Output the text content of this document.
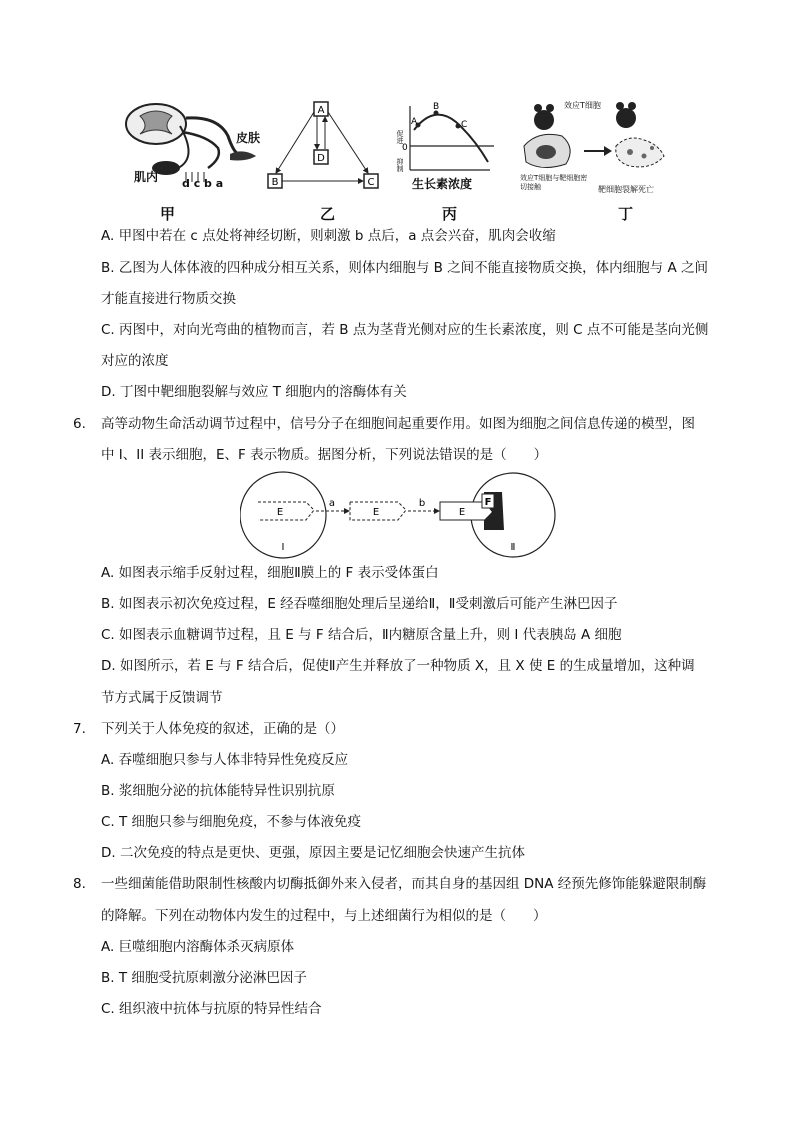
皮肤
肌内 d c b a
甲
A
D
B	C
乙
促进
抑制
0
A
B
C
生长素浓度
丙
效应T细胞
效应T细胞与靶细胞密切接触	靶细胞裂解死亡
丁
A. 甲图中若在 c 点处将神经切断，则刺激 b 点后，a 点会兴奋，肌肉会收缩
B. 乙图为人体体液的四种成分相互关系，则体内细胞与 B 之间不能直接物质交换，体内细胞与 A 之间
才能直接进行物质交换
C. 丙图中，对向光弯曲的植物而言，若 B 点为茎背光侧对应的生长素浓度，则 C 点不可能是茎向光侧
对应的浓度
D. 丁图中靶细胞裂解与效应 T 细胞内的溶酶体有关
6. 高等动物生命活动调节过程中，信号分子在细胞间起重要作用。如图为细胞之间信息传递的模型，图
中 I、II 表示细胞，E、F 表示物质。据图分析，下列说法错误的是（　　）
E	E	E
F
a	b
I	Ⅱ
A. 如图表示缩手反射过程，细胞Ⅱ膜上的 F 表示受体蛋白
B. 如图表示初次免疫过程，E 经吞噬细胞处理后呈递给Ⅱ，Ⅱ受刺激后可能产生淋巴因子
C. 如图表示血糖调节过程，且 E 与 F 结合后，Ⅱ内糖原含量上升，则 I 代表胰岛 A 细胞
D. 如图所示，若 E 与 F 结合后，促使Ⅱ产生并释放了一种物质 X，且 X 使 E 的生成量增加，这种调
节方式属于反馈调节
7. 下列关于人体免疫的叙述，正确的是（）
A. 吞噬细胞只参与人体非特异性免疫反应
B. 浆细胞分泌的抗体能特异性识别抗原
C. T 细胞只参与细胞免疫，不参与体液免疫
D. 二次免疫的特点是更快、更强，原因主要是记忆细胞会快速产生抗体
8. 一些细菌能借助限制性核酸内切酶抵御外来入侵者，而其自身的基因组 DNA 经预先修饰能躲避限制酶
的降解。下列在动物体内发生的过程中，与上述细菌行为相似的是（　　）
A. 巨噬细胞内溶酶体杀灭病原体
B. T 细胞受抗原刺激分泌淋巴因子
C. 组织液中抗体与抗原的特异性结合
